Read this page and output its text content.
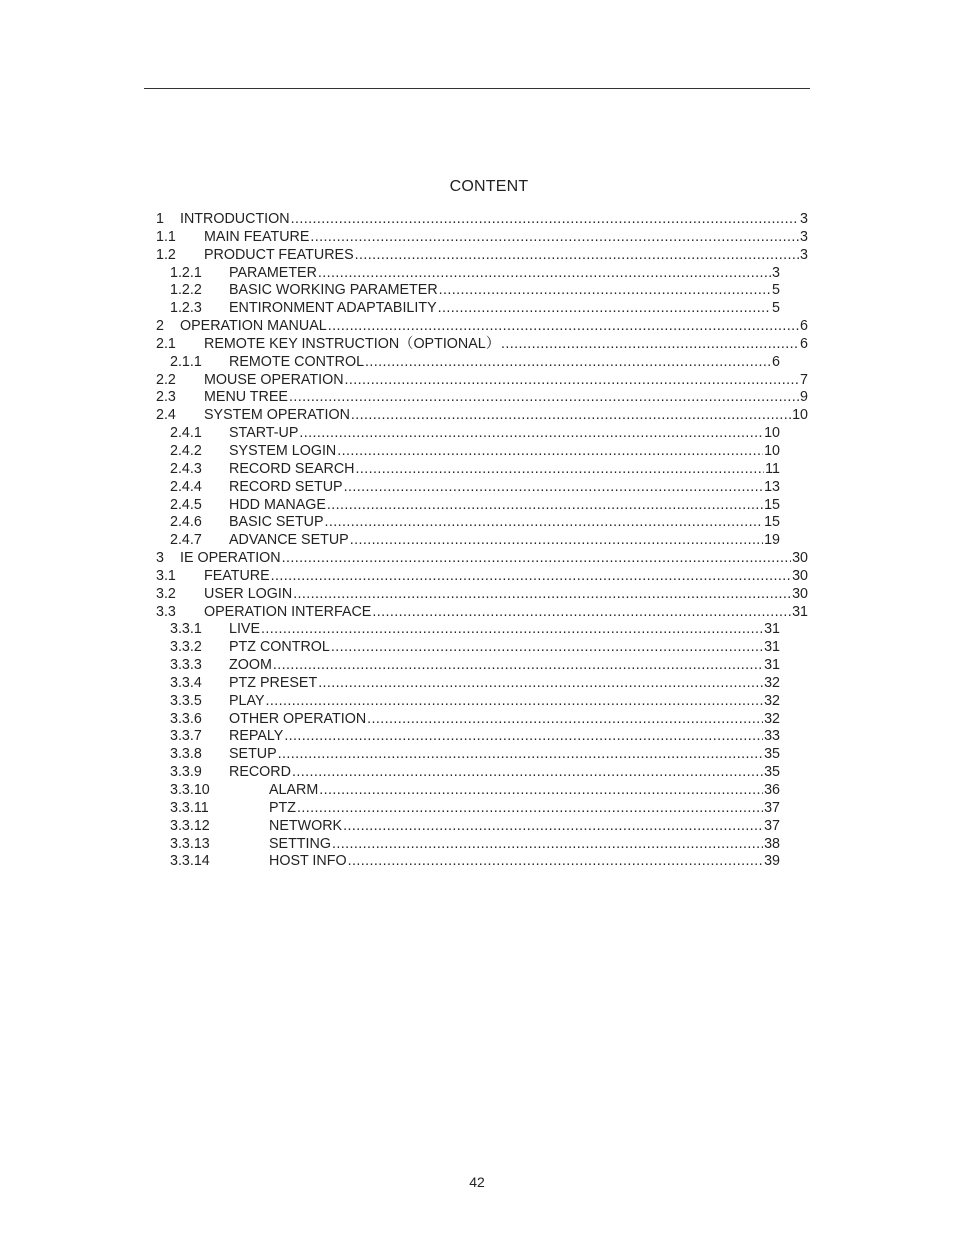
CONTENT
1	INTRODUCTION .....	3
1.1	MAIN FEATURE .....	3
1.2	PRODUCT FEATURES .....	3
1.2.1	PARAMETER .....	3
1.2.2	BASIC WORKING PARAMETER .....	5
1.2.3	ENTIRONMENT ADAPTABILITY .....	5
2	OPERATION MANUAL .....	6
2.1	REMOTE KEY INSTRUCTION（OPTIONAL） .....	6
2.1.1	REMOTE CONTROL .....	6
2.2	MOUSE OPERATION .....	7
2.3	MENU TREE .....	9
2.4	SYSTEM OPERATION .....	10
2.4.1	START-UP .....	10
2.4.2	SYSTEM LOGIN .....	10
2.4.3	RECORD SEARCH .....	11
2.4.4	RECORD SETUP .....	13
2.4.5	HDD MANAGE .....	15
2.4.6	BASIC SETUP .....	15
2.4.7	ADVANCE SETUP .....	19
3	IE OPERATION .....	30
3.1	FEATURE .....	30
3.2	USER LOGIN .....	30
3.3	OPERATION INTERFACE .....	31
3.3.1	LIVE .....	31
3.3.2	PTZ CONTROL .....	31
3.3.3	ZOOM .....	31
3.3.4	PTZ PRESET .....	32
3.3.5	PLAY .....	32
3.3.6	OTHER OPERATION .....	32
3.3.7	REPALY .....	33
3.3.8	SETUP .....	35
3.3.9	RECORD .....	35
3.3.10	ALARM .....	36
3.3.11	PTZ .....	37
3.3.12	NETWORK .....	37
3.3.13	SETTING .....	38
3.3.14	HOST INFO .....	39
42
